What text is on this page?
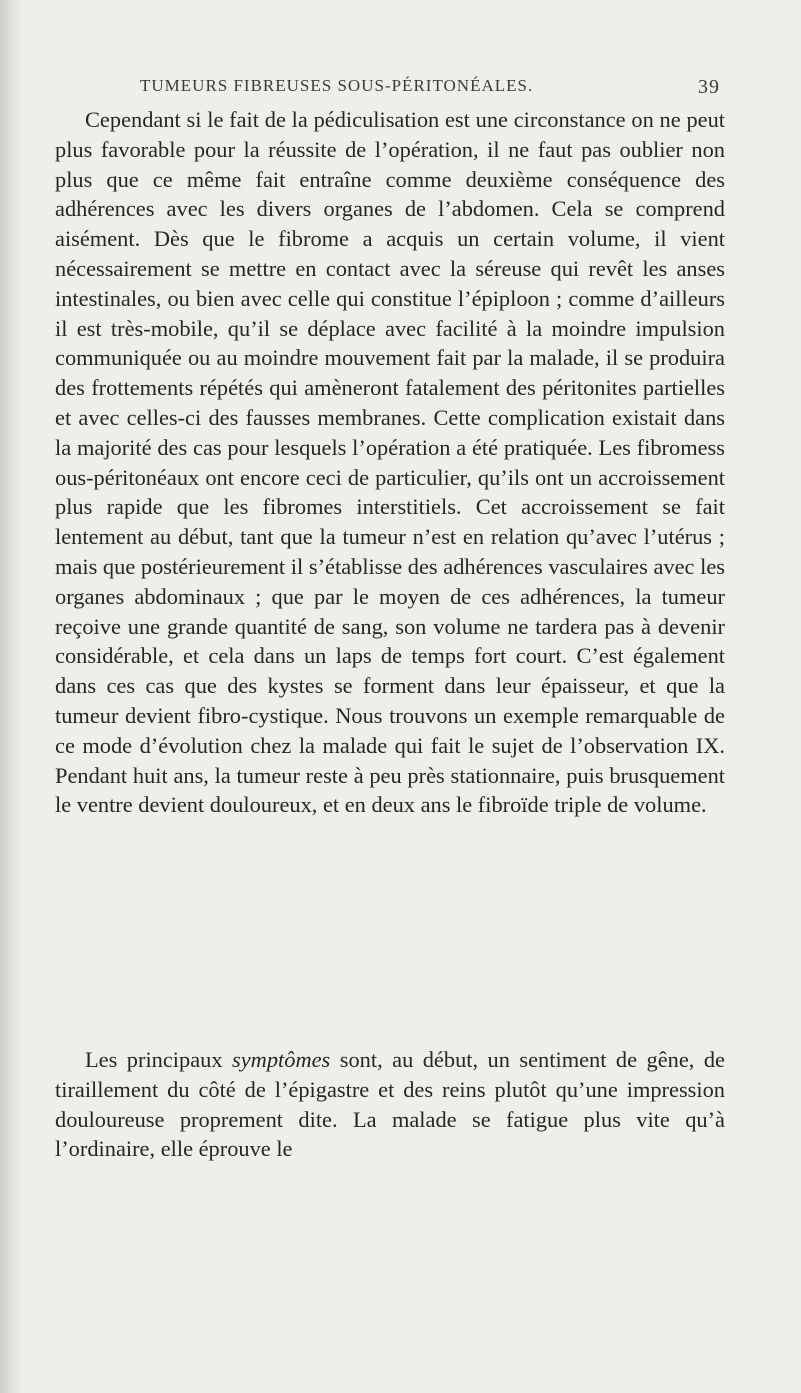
TUMEURS FIBREUSES SOUS-PÉRITONÉALES.	39

Cependant si le fait de la pédiculisation est une circonstance on ne peut plus favorable pour la réussite de l’opération, il ne faut pas oublier non plus que ce même fait entraîne comme deuxième conséquence des adhérences avec les divers organes de l’abdomen. Cela se comprend aisément. Dès que le fibrome a acquis un certain volume, il vient nécessairement se mettre en contact avec la séreuse qui revêt les anses intestinales, ou bien avec celle qui constitue l’épiploon ; comme d’ailleurs il est très-mobile, qu’il se déplace avec facilité à la moindre impulsion communiquée ou au moindre mouvement fait par la malade, il se produira des frottements répétés qui amèneront fatalement des péritonites partielles et avec celles-ci des fausses membranes. Cette complication existait dans la majorité des cas pour lesquels l’opération a été pratiquée. Les fibromess ous-péritonéaux ont encore ceci de particulier, qu’ils ont un accroissement plus rapide que les fibromes interstitiels. Cet accroissement se fait lentement au début, tant que la tumeur n’est en relation qu’avec l’utérus ; mais que postérieurement il s’établisse des adhérences vasculaires avec les organes abdominaux ; que par le moyen de ces adhérences, la tumeur reçoive une grande quantité de sang, son volume ne tardera pas à devenir considérable, et cela dans un laps de temps fort court. C’est également dans ces cas que des kystes se forment dans leur épaisseur, et que la tumeur devient fibro-cystique. Nous trouvons un exemple remarquable de ce mode d’évolution chez la malade qui fait le sujet de l’observation IX. Pendant huit ans, la tumeur reste à peu près stationnaire, puis brusquement le ventre devient douloureux, et en deux ans le fibroïde triple de volume.

Les principaux symptômes sont, au début, un sentiment de gêne, de tiraillement du côté de l’épigastre et des reins plutôt qu’une impression douloureuse proprement dite. La malade se fatigue plus vite qu’à l’ordinaire, elle éprouve le
